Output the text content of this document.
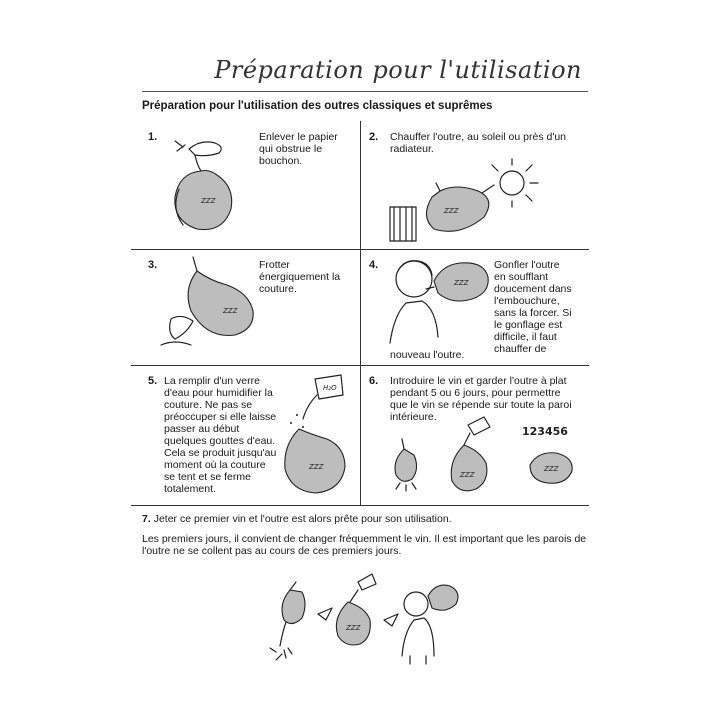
Préparation pour l'utilisation
Préparation pour l'utilisation des outres classiques et suprêmes
1.	Enlever le papier
qui obstrue le
bouchon.
ZZZ
2. Chauffer l'outre, au soleil ou près d'un
radiateur.
ZZZ
3.	Frotter
énergiquement la
couture.
ZZZ
4.	Gonfler l'outre
en soufflant
doucement dans
l'embouchure,
sans la forcer. Si
le gonflage est
difficile, il faut
chauffer de
nouveau l'outre.
ZZZ
5. La remplir d'un verre
d'eau pour humidifier la
couture. Ne pas se
préoccuper si elle laisse
passer au début
quelques gouttes d'eau.
Cela se produit jusqu'au
moment où la couture
se tent et se ferme
totalement.
H₂O
ZZZ
6. Introduire le vin et garder l'outre à plat
pendant 5 ou 6 jours, pour permettre
que le vin se répende sur toute la paroi
intérieure.
ZZZ
123456
ZZZ

7. Jeter ce premier vin et l'outre est alors prête pour son utilisation.

Les premiers jours, il convient de changer fréquemment le vin. Il est important que les parois de l'outre ne se collent pas au cours de ces premiers jours.

ZZZ
